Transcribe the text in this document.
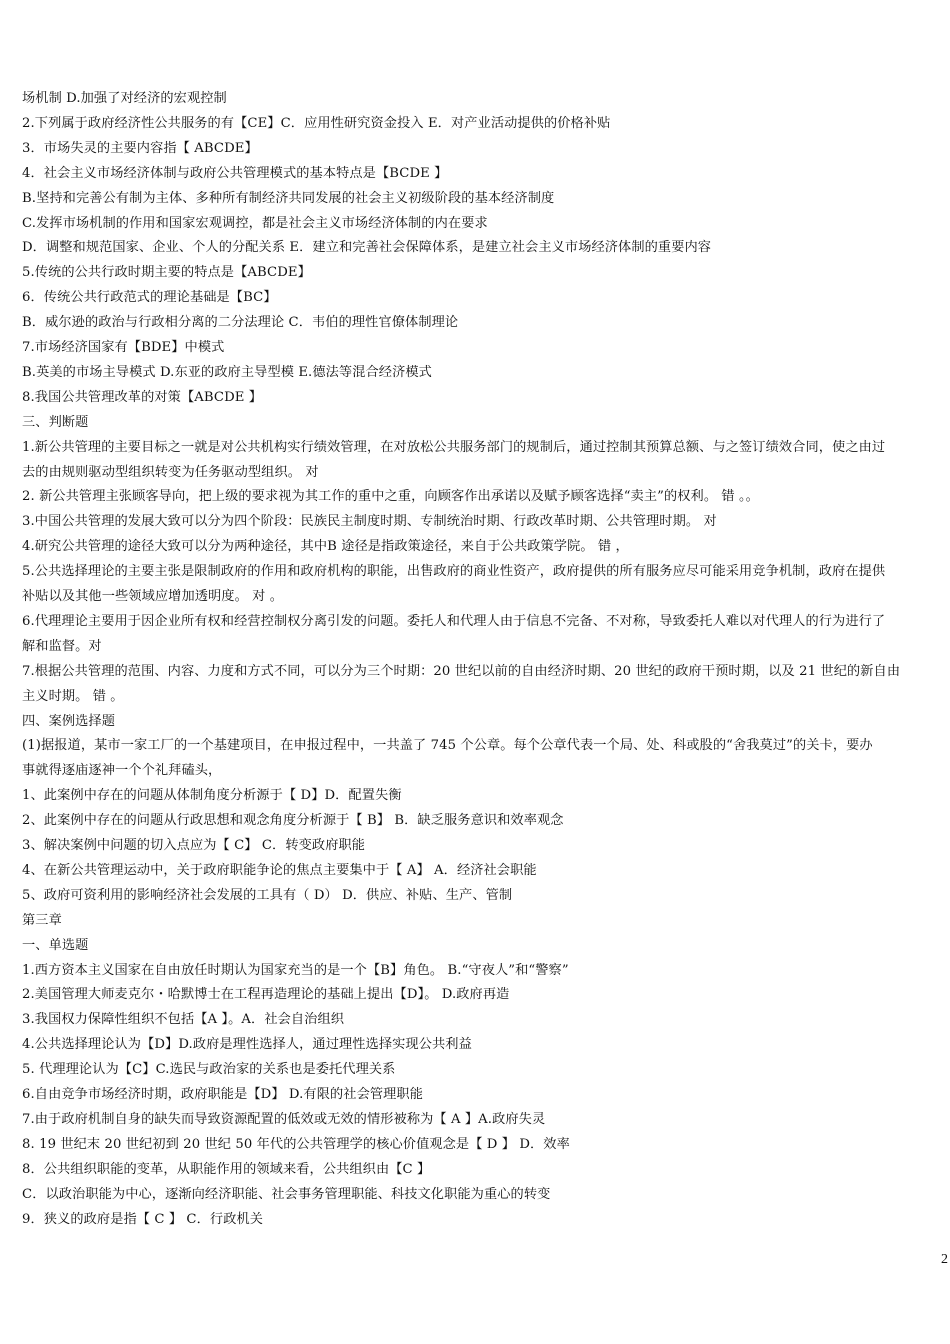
场机制 D.加强了对经济的宏观控制
2.下列属于政府经济性公共服务的有【CE】C．应用性研究资金投入 E．对产业活动提供的价格补贴
3．市场失灵的主要内容指【 ABCDE】
4．社会主义市场经济体制与政府公共管理模式的基本特点是【BCDE 】
B.坚持和完善公有制为主体、多种所有制经济共同发展的社会主义初级阶段的基本经济制度
C.发挥市场机制的作用和国家宏观调控，都是社会主义市场经济体制的内在要求
D．调整和规范国家、企业、个人的分配关系 E．建立和完善社会保障体系，是建立社会主义市场经济体制的重要内容
5.传统的公共行政时期主要的特点是【ABCDE】
6．传统公共行政范式的理论基础是【BC】
B．威尔逊的政治与行政相分离的二分法理论 C．韦伯的理性官僚体制理论
7.市场经济国家有【BDE】中模式
B.英美的市场主导模式 D.东亚的政府主导型模 E.德法等混合经济模式
8.我国公共管理改革的对策【ABCDE 】
三、判断题
1.新公共管理的主要目标之一就是对公共机构实行绩效管理，在对放松公共服务部门的规制后，通过控制其预算总额、与之签订绩效合同，使之由过
去的由规则驱动型组织转变为任务驱动型组织。 对
2. 新公共管理主张顾客导向，把上级的要求视为其工作的重中之重，向顾客作出承诺以及赋予顾客选择“卖主”的权利。 错 。。
3.中国公共管理的发展大致可以分为四个阶段：民族民主制度时期、专制统治时期、行政改革时期、公共管理时期。 对
4.研究公共管理的途径大致可以分为两种途径，其中B 途径是指政策途径，来自于公共政策学院。 错 ，
5.公共选择理论的主要主张是限制政府的作用和政府机构的职能，出售政府的商业性资产，政府提供的所有服务应尽可能采用竞争机制，政府在提供
补贴以及其他一些领域应增加透明度。 对 。
6.代理理论主要用于因企业所有权和经营控制权分离引发的问题。委托人和代理人由于信息不完备、不对称，导致委托人难以对代理人的行为进行了
解和监督。对
7.根据公共管理的范围、内容、力度和方式不同，可以分为三个时期：20 世纪以前的自由经济时期、20 世纪的政府干预时期，以及 21 世纪的新自由
主义时期。 错 。
四、案例选择题
(1)据报道，某市一家工厂的一个基建项目，在申报过程中，一共盖了 745 个公章。每个公章代表一个局、处、科或股的“舍我莫过”的关卡，要办
事就得逐庙逐神一个个礼拜磕头，
1、此案例中存在的问题从体制角度分析源于【 D】D．配置失衡
2、此案例中存在的问题从行政思想和观念角度分析源于【 B】 B．缺乏服务意识和效率观念
3、解决案例中问题的切入点应为【 C】 C．转变政府职能
4、在新公共管理运动中，关于政府职能争论的焦点主要集中于【 A】 A．经济社会职能
5、政府可资利用的影响经济社会发展的工具有（ D） D．供应、补贴、生产、管制
第三章
一、单选题
1.西方资本主义国家在自由放任时期认为国家充当的是一个【B】角色。 B.“守夜人”和“警察”
2.美国管理大师麦克尔・哈默博士在工程再造理论的基础上提出【D】。 D.政府再造
3.我国权力保障性组织不包括【A 】。A．社会自治组织
4.公共选择理论认为【D】D.政府是理性选择人，通过理性选择实现公共利益
5. 代理理论认为【C】C.选民与政治家的关系也是委托代理关系
6.自由竞争市场经济时期，政府职能是【D】 D.有限的社会管理职能
7.由于政府机制自身的缺失而导致资源配置的低效或无效的情形被称为【 A 】A.政府失灵
8. 19 世纪末 20 世纪初到 20 世纪 50 年代的公共管理学的核心价值观念是【 D 】 D．效率
8．公共组织职能的变革，从职能作用的领域来看，公共组织由【C 】
C．以政治职能为中心，逐渐向经济职能、社会事务管理职能、科技文化职能为重心的转变
9．狭义的政府是指【 C 】 C．行政机关
2
